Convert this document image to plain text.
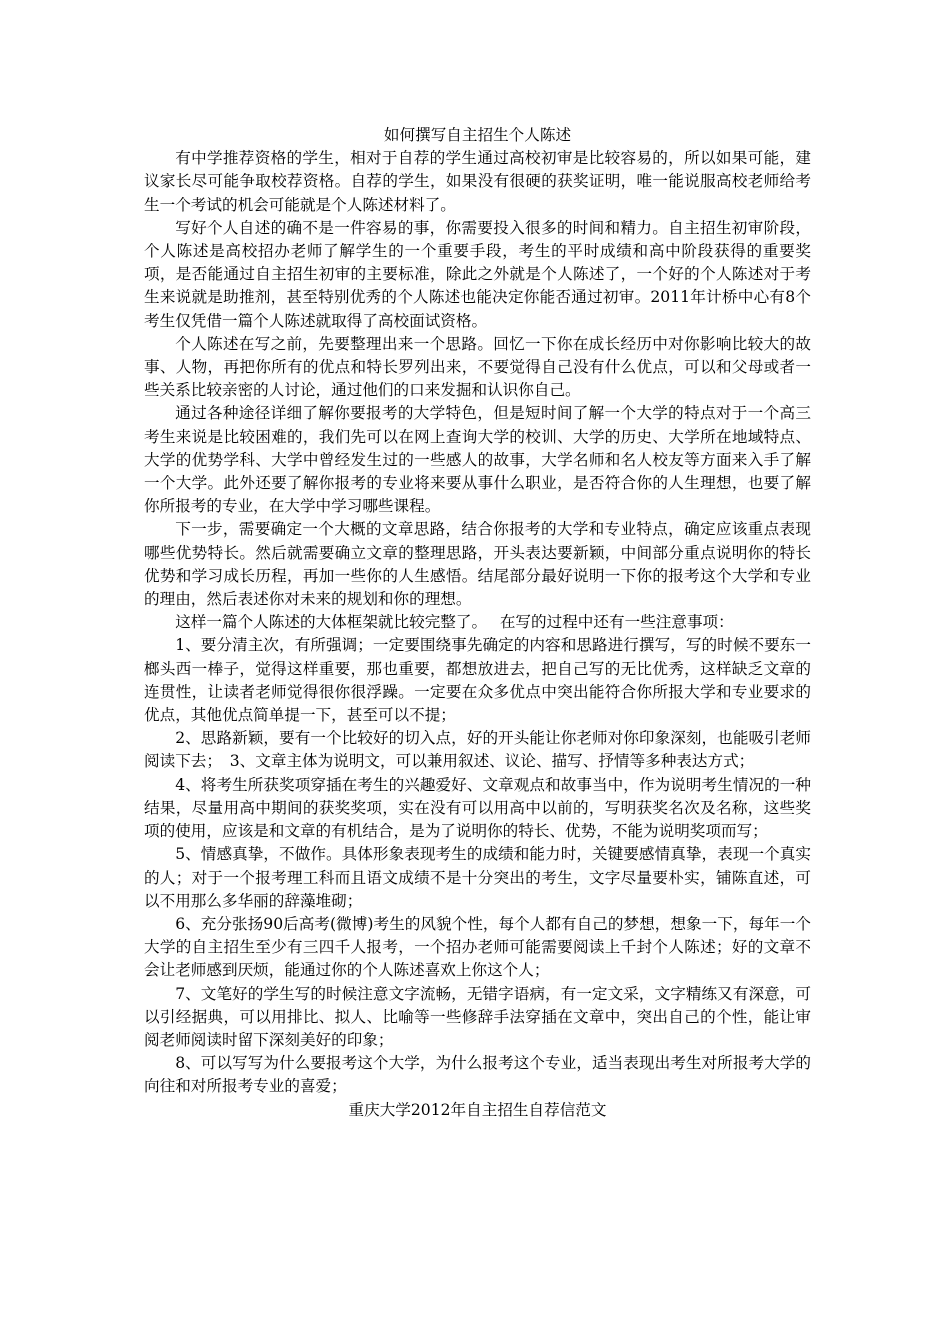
如何撰写自主招生个人陈述

有中学推荐资格的学生，相对于自荐的学生通过高校初审是比较容易的，所以如果可能，建议家长尽可能争取校荐资格。自荐的学生，如果没有很硬的获奖证明，唯一能说服高校老师给考生一个考试的机会可能就是个人陈述材料了。

写好个人自述的确不是一件容易的事，你需要投入很多的时间和精力。自主招生初审阶段，个人陈述是高校招办老师了解学生的一个重要手段，考生的平时成绩和高中阶段获得的重要奖项，是否能通过自主招生初审的主要标准，除此之外就是个人陈述了，一个好的个人陈述对于考生来说就是助推剂，甚至特别优秀的个人陈述也能决定你能否通过初审。2011年计桥中心有8个考生仅凭借一篇个人陈述就取得了高校面试资格。

个人陈述在写之前，先要整理出来一个思路。回忆一下你在成长经历中对你影响比较大的故事、人物，再把你所有的优点和特长罗列出来，不要觉得自己没有什么优点，可以和父母或者一些关系比较亲密的人讨论，通过他们的口来发掘和认识你自己。

通过各种途径详细了解你要报考的大学特色，但是短时间了解一个大学的特点对于一个高三考生来说是比较困难的，我们先可以在网上查询大学的校训、大学的历史、大学所在地域特点、大学的优势学科、大学中曾经发生过的一些感人的故事，大学名师和名人校友等方面来入手了解一个大学。此外还要了解你报考的专业将来要从事什么职业，是否符合你的人生理想，也要了解你所报考的专业，在大学中学习哪些课程。

下一步，需要确定一个大概的文章思路，结合你报考的大学和专业特点，确定应该重点表现哪些优势特长。然后就需要确立文章的整理思路，开头表达要新颖，中间部分重点说明你的特长优势和学习成长历程，再加一些你的人生感悟。结尾部分最好说明一下你的报考这个大学和专业的理由，然后表述你对未来的规划和你的理想。

这样一篇个人陈述的大体框架就比较完整了。　 在写的过程中还有一些注意事项：

1、要分清主次，有所强调；一定要围绕事先确定的内容和思路进行撰写，写的时候不要东一榔头西一棒子，觉得这样重要，那也重要，都想放进去，把自己写的无比优秀，这样缺乏文章的连贯性，让读者老师觉得很你很浮躁。一定要在众多优点中突出能符合你所报大学和专业要求的优点，其他优点简单提一下，甚至可以不提；

2、思路新颖，要有一个比较好的切入点，好的开头能让你老师对你印象深刻，也能吸引老师阅读下去；　3、文章主体为说明文，可以兼用叙述、议论、描写、抒情等多种表达方式；

4、将考生所获奖项穿插在考生的兴趣爱好、文章观点和故事当中，作为说明考生情况的一种结果，尽量用高中期间的获奖奖项，实在没有可以用高中以前的，写明获奖名次及名称，这些奖项的使用，应该是和文章的有机结合，是为了说明你的特长、优势，不能为说明奖项而写；

5、情感真挚，不做作。具体形象表现考生的成绩和能力时，关键要感情真挚，表现一个真实的人；对于一个报考理工科而且语文成绩不是十分突出的考生，文字尽量要朴实，铺陈直述，可以不用那么多华丽的辞藻堆砌；

6、充分张扬90后高考(微博)考生的风貌个性，每个人都有自己的梦想，想象一下，每年一个大学的自主招生至少有三四千人报考，一个招办老师可能需要阅读上千封个人陈述；好的文章不会让老师感到厌烦，能通过你的个人陈述喜欢上你这个人；

7、文笔好的学生写的时候注意文字流畅，无错字语病，有一定文采，文字精练又有深意，可以引经据典，可以用排比、拟人、比喻等一些修辞手法穿插在文章中，突出自己的个性，能让审阅老师阅读时留下深刻美好的印象；

8、可以写写为什么要报考这个大学，为什么报考这个专业，适当表现出考生对所报考大学的向往和对所报考专业的喜爱；

重庆大学2012年自主招生自荐信范文
